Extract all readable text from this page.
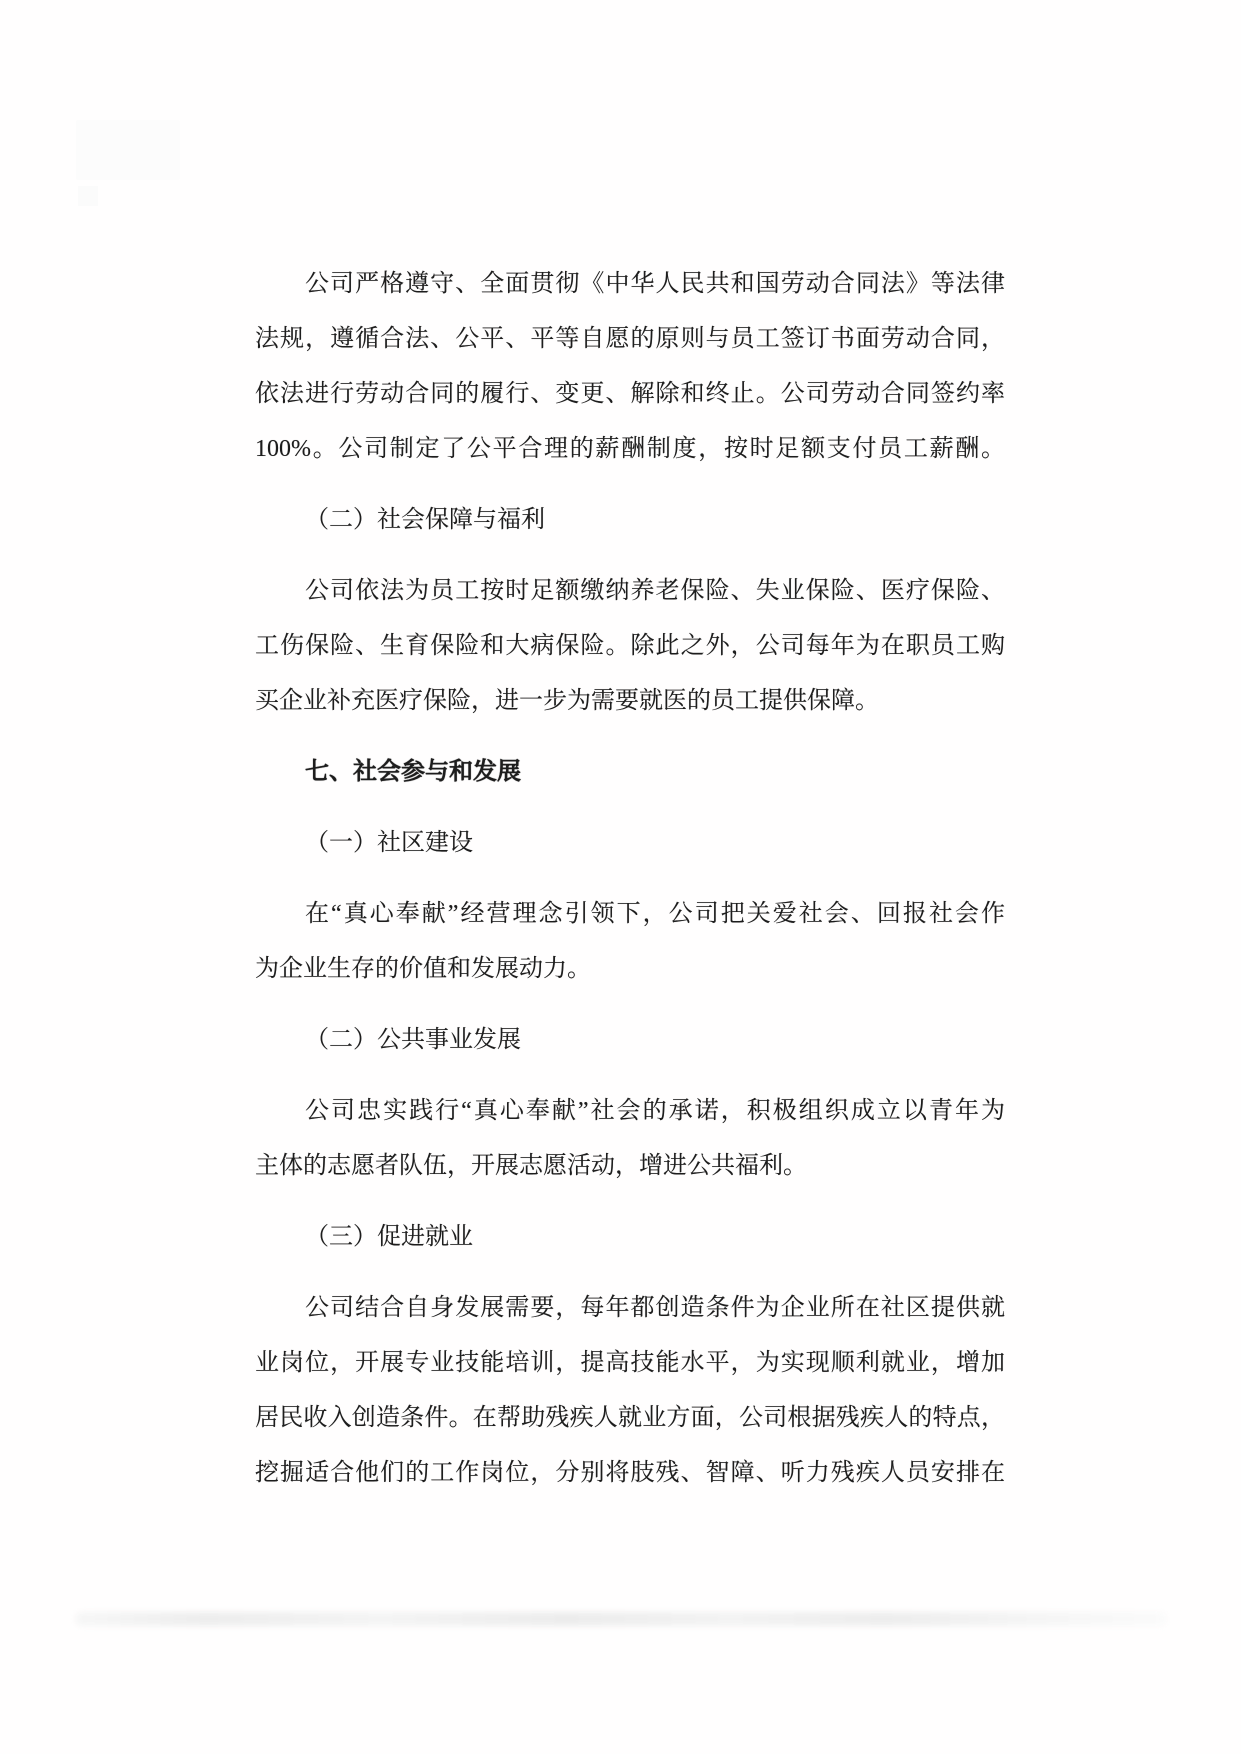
公司严格遵守、全面贯彻《中华人民共和国劳动合同法》等法律
法规，遵循合法、公平、平等自愿的原则与员工签订书面劳动合同，
依法进行劳动合同的履行、变更、解除和终止。公司劳动合同签约率
100%。公司制定了公平合理的薪酬制度，按时足额支付员工薪酬。
（二）社会保障与福利
公司依法为员工按时足额缴纳养老保险、失业保险、医疗保险、
工伤保险、生育保险和大病保险。除此之外，公司每年为在职员工购
买企业补充医疗保险，进一步为需要就医的员工提供保障。
七、社会参与和发展
（一）社区建设
在“真心奉献”经营理念引领下，公司把关爱社会、回报社会作
为企业生存的价值和发展动力。
（二）公共事业发展
公司忠实践行“真心奉献”社会的承诺，积极组织成立以青年为
主体的志愿者队伍，开展志愿活动，增进公共福利。
（三）促进就业
公司结合自身发展需要，每年都创造条件为企业所在社区提供就
业岗位，开展专业技能培训，提高技能水平，为实现顺利就业，增加
居民收入创造条件。在帮助残疾人就业方面，公司根据残疾人的特点，
挖掘适合他们的工作岗位，分别将肢残、智障、听力残疾人员安排在
